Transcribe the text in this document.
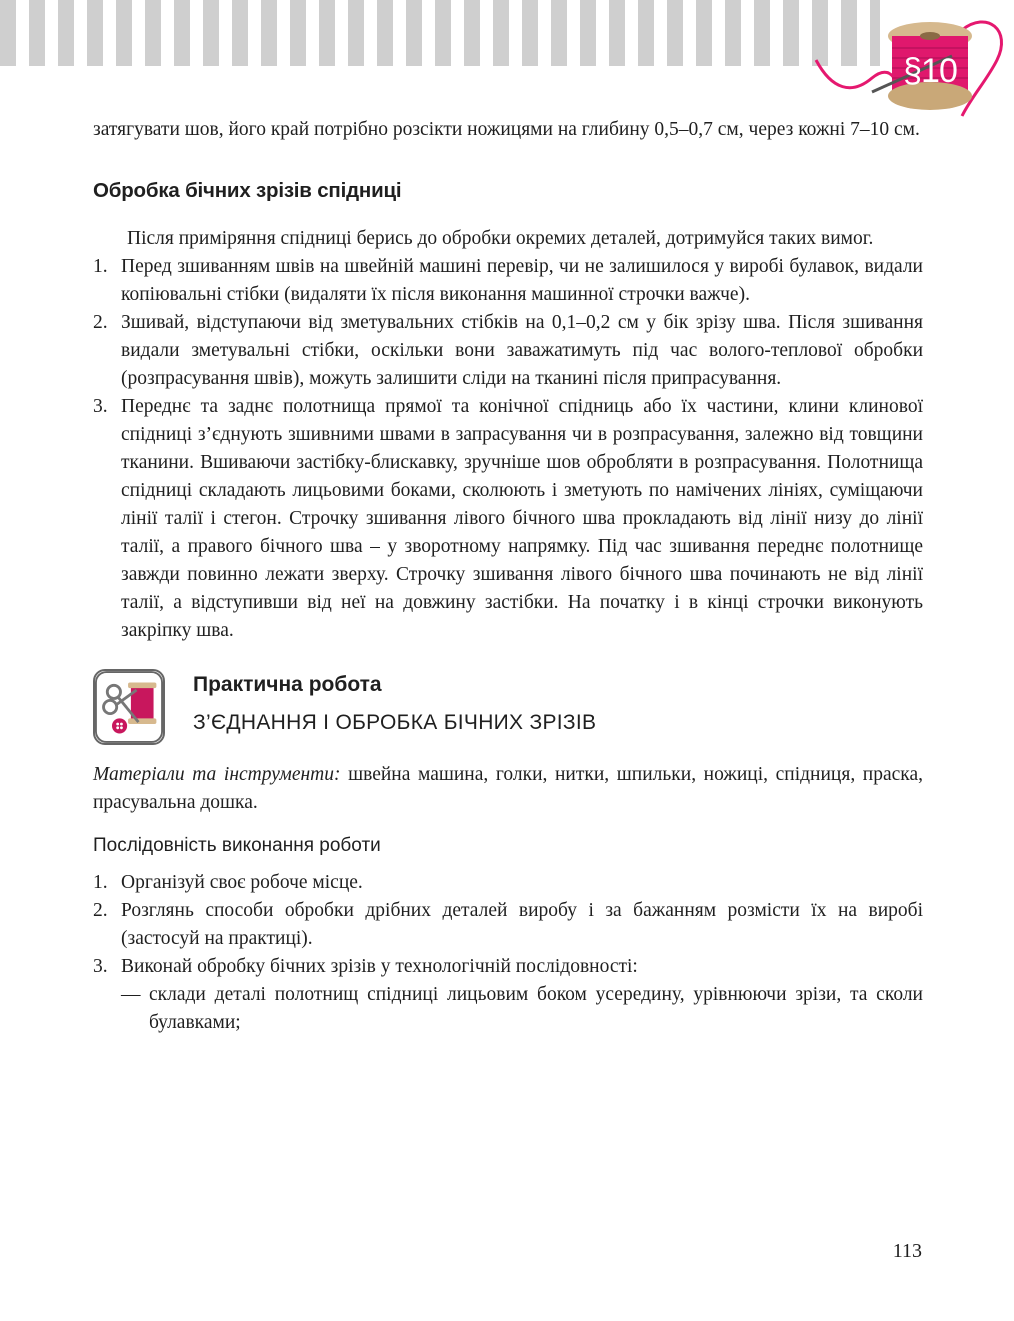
§10

затягувати шов, його край потрібно розсікти ножицями на глибину 0,5–0,7 см, через кожні 7–10 см.

Обробка бічних зрізів спідниці

Після приміряння спідниці берись до обробки окремих деталей, дотримуйся таких вимог.

1. Перед зшиванням швів на швейній машині перевір, чи не залишилося у виробі булавок, видали копіювальні стібки (видаляти їх після виконання машинної строчки важче).
2. Зшивай, відступаючи від зметувальних стібків на 0,1–0,2 см у бік зрізу шва. Після зшивання видали зметувальні стібки, оскільки вони заважатимуть під час волого-теплової обробки (розпрасування швів), можуть залишити сліди на тканині після припрасування.
3. Переднє та заднє полотнища прямої та конічної спідниць або їх частини, клини клинової спідниці з’єднують зшивними швами в запрасування чи в розпрасування, залежно від товщини тканини. Вшиваючи застібку-блискавку, зручніше шов обробляти в розпрасування. Полотнища спідниці складають лицьовими боками, сколюють і зметують по намічених лініях, суміщаючи лінії талії і стегон. Строчку зшивання лівого бічного шва прокладають від лінії низу до лінії талії, а правого бічного шва – у зворотному напрямку. Під час зшивання переднє полотнище завжди повинно лежати зверху. Строчку зшивання лівого бічного шва починають не від лінії талії, а відступивши від неї на довжину застібки. На початку і в кінці строчки виконують закріпку шва.
Практична робота
З’ЄДНАННЯ І ОБРОБКА БІЧНИХ ЗРІЗІВ

Матеріали та інструменти: швейна машина, голки, нитки, шпильки, ножиці, спідниця, праска, прасувальна дошка.

Послідовність виконання роботи
1. Організуй своє робоче місце.
2. Розглянь способи обробки дрібних деталей виробу і за бажанням розмісти їх на виробі (застосуй на практиці).
3. Виконай обробку бічних зрізів у технологічній послідовності:

— склади деталі полотнищ спідниці лицьовим боком усередину, урівнюючи зрізи, та сколи булавками;

113
